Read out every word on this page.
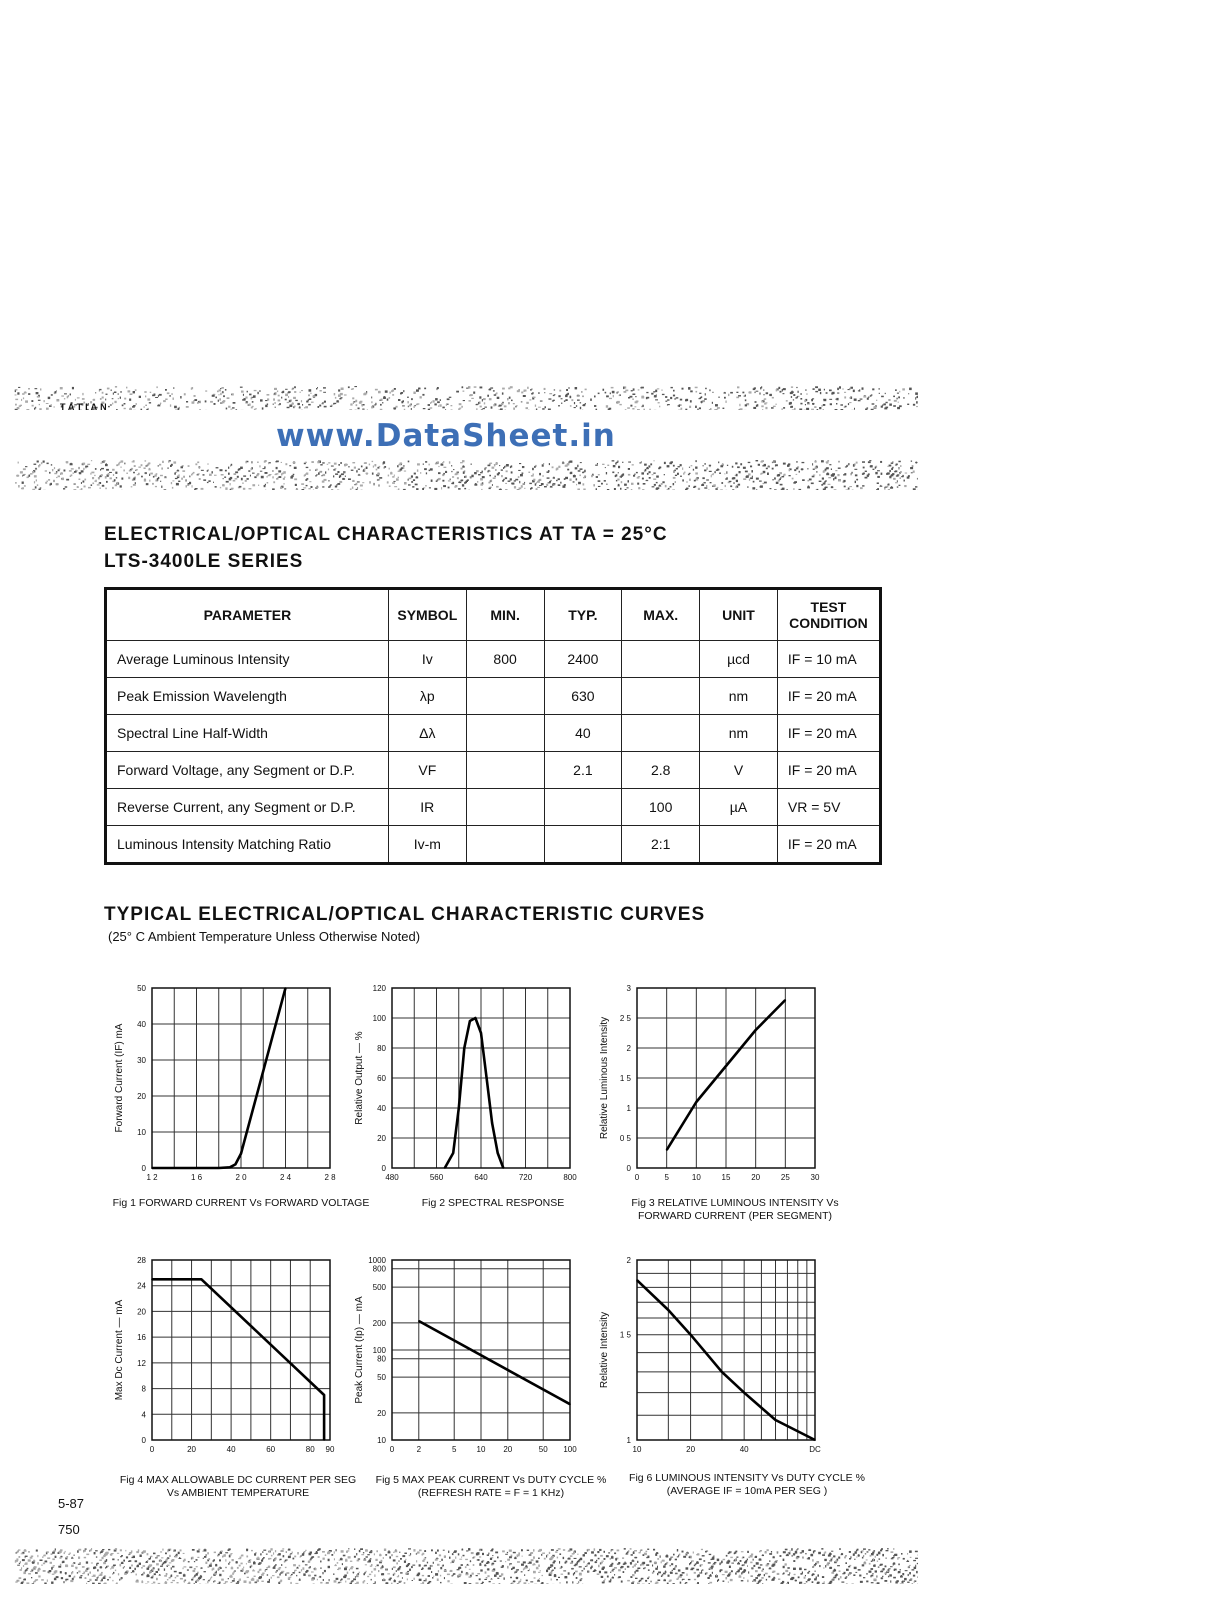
TATIAN
www.DataSheet.in
ELECTRICAL/OPTICAL CHARACTERISTICS AT TA = 25°C
LTS-3400LE SERIES
PARAMETER	SYMBOL	MIN.	TYP.	MAX.	UNIT	TEST CONDITION
Average Luminous Intensity	Iv	800	2400		µcd	IF = 10 mA
Peak Emission Wavelength	λp		630		nm	IF = 20 mA
Spectral Line Half-Width	Δλ		40		nm	IF = 20 mA
Forward Voltage, any Segment or D.P.	VF		2.1	2.8	V	IF = 20 mA
Reverse Current, any Segment or D.P.	IR			100	µA	VR = 5V
Luminous Intensity Matching Ratio	Iv-m			2:1		IF = 20 mA
TYPICAL ELECTRICAL/OPTICAL CHARACTERISTIC CURVES
(25° C Ambient Temperature Unless Otherwise Noted)
1 2	1 6	2 0	2 4	2 8
0
10
20
30
40
50
Forward Current (IF) mA
480	560	640	720	800
0
20
40
60
80
100
120
Relative Output — %
0	5	10	15	20	25	30
0
0 5
1
1 5
2
2 5
3
Relative Luminous Intensity
0	20	40	60	80 90
0
4
8
12
16
20
24
28
Max Dc Current — mA
0	2	5	10 20	50 100
10
20
50
80
100
200
500
800
1000
Peak Current (Ip) — mA
10	20	40	DC
1
1 5
2
Relative Intensity
Fig 1 FORWARD CURRENT Vs FORWARD VOLTAGE	Fig 2 SPECTRAL RESPONSE	Fig 3 RELATIVE LUMINOUS INTENSITY Vs
FORWARD CURRENT (PER SEGMENT)
Fig 4 MAX ALLOWABLE DC CURRENT PER SEG
Vs AMBIENT TEMPERATURE
Fig 5 MAX PEAK CURRENT Vs DUTY CYCLE %
(REFRESH RATE = F = 1 KHz)
Fig 6 LUMINOUS INTENSITY Vs DUTY CYCLE %
(AVERAGE IF = 10mA PER SEG )
5-87
750
